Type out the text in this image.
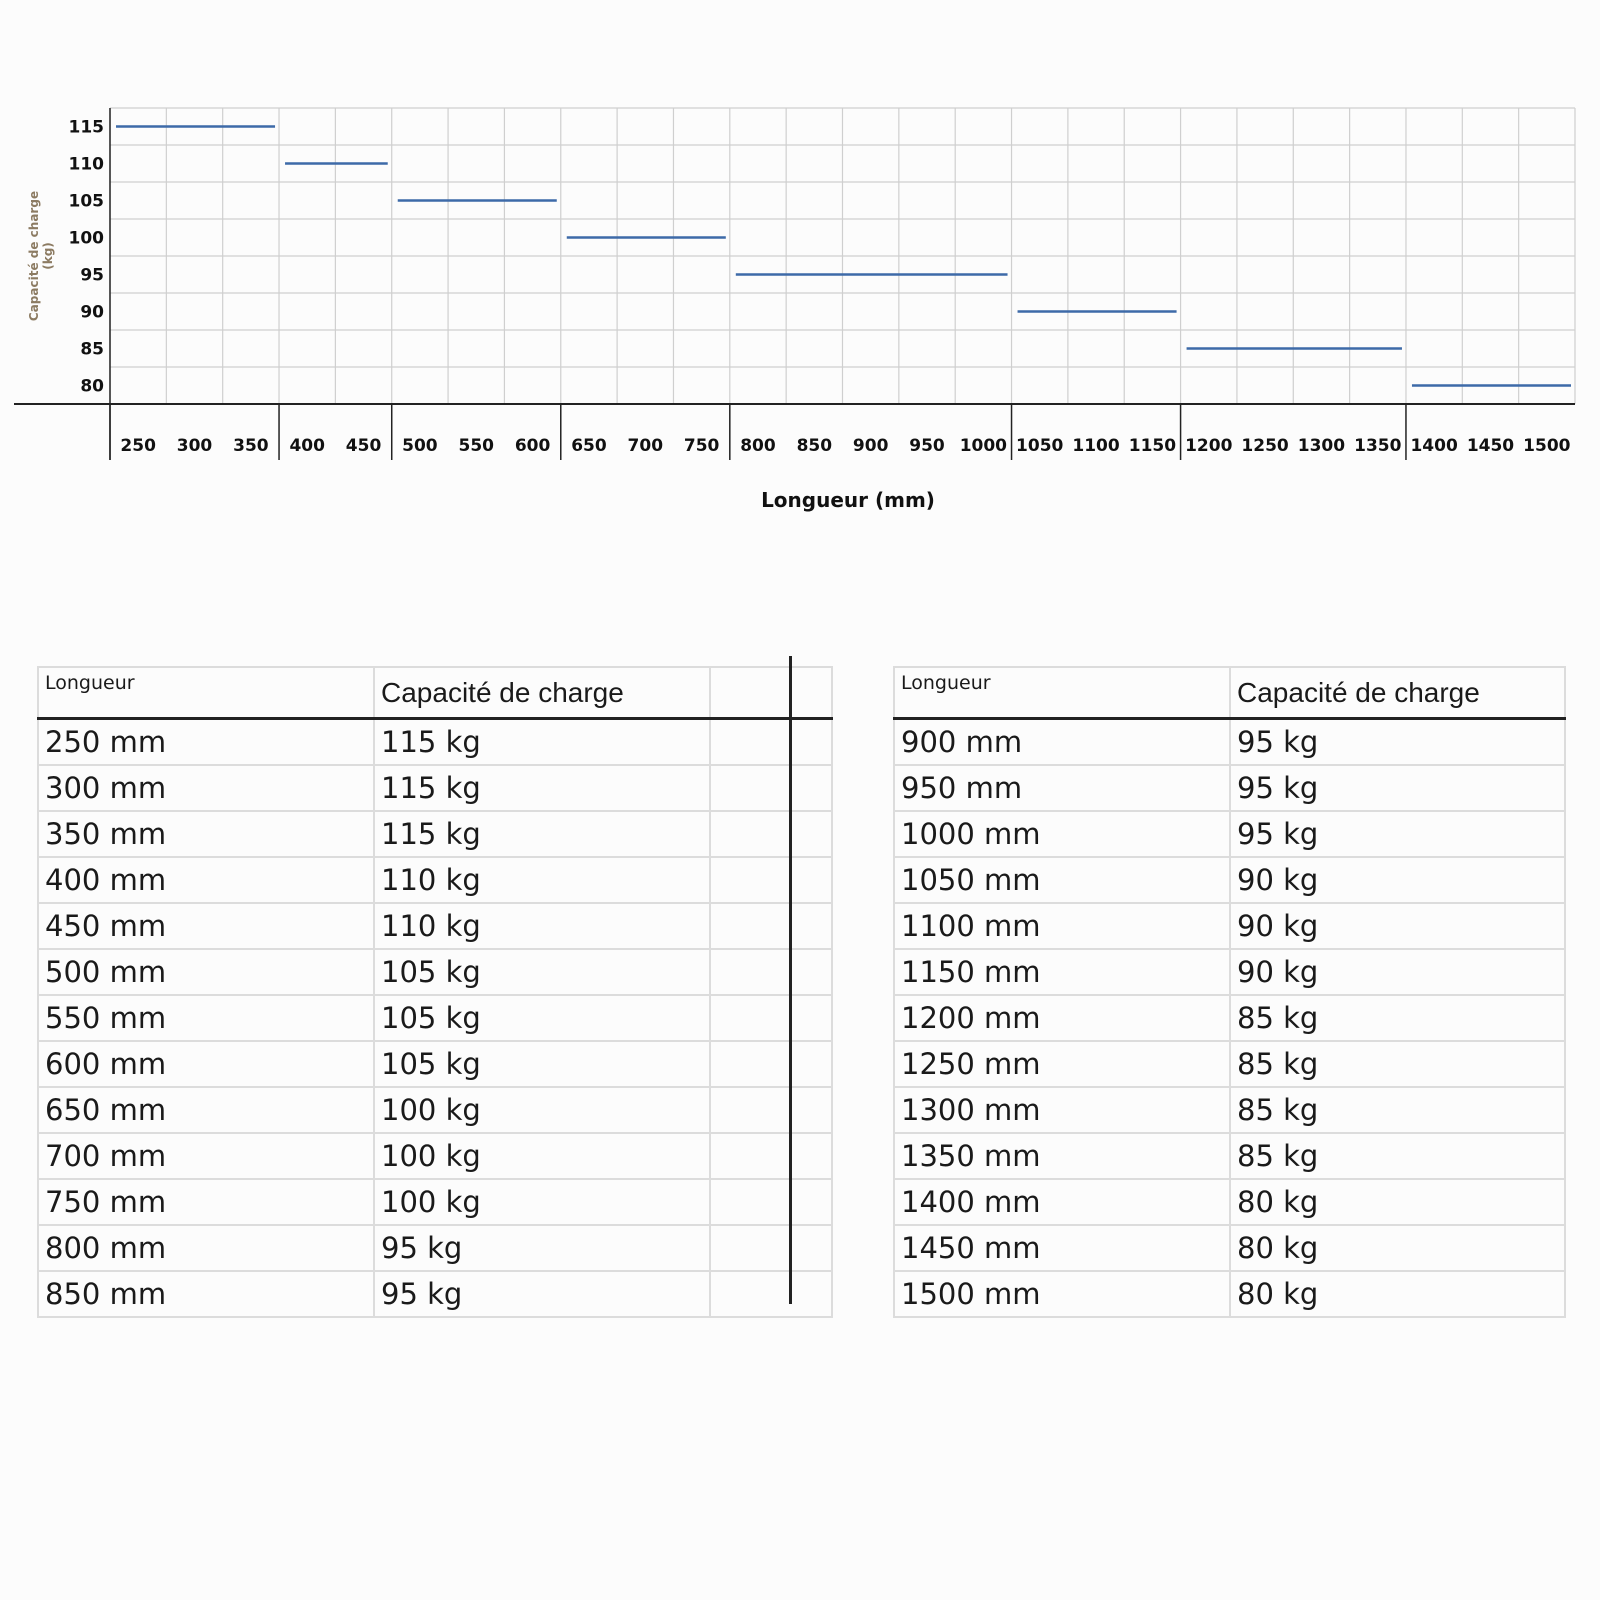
115
110
105
100
95
90
85
80
250 300 350 400 450 500 550 600 650 700 750 800 850 900 950 1000 1050 1100 1150 1200 1250 1300 1350 1400 1450 1500
Capacité de charge(kg)
Longueur (mm)
Longueur	Capacité de charge	
250 mm	115 kg	
300 mm	115 kg	
350 mm	115 kg	
400 mm	110 kg	
450 mm	110 kg	
500 mm	105 kg	
550 mm	105 kg	
600 mm	105 kg	
650 mm	100 kg	
700 mm	100 kg	
750 mm	100 kg	
800 mm	95 kg	
850 mm	95 kg	
Longueur	Capacité de charge
900 mm	95 kg
950 mm	95 kg
1000 mm	95 kg
1050 mm	90 kg
1100 mm	90 kg
1150 mm	90 kg
1200 mm	85 kg
1250 mm	85 kg
1300 mm	85 kg
1350 mm	85 kg
1400 mm	80 kg
1450 mm	80 kg
1500 mm	80 kg
